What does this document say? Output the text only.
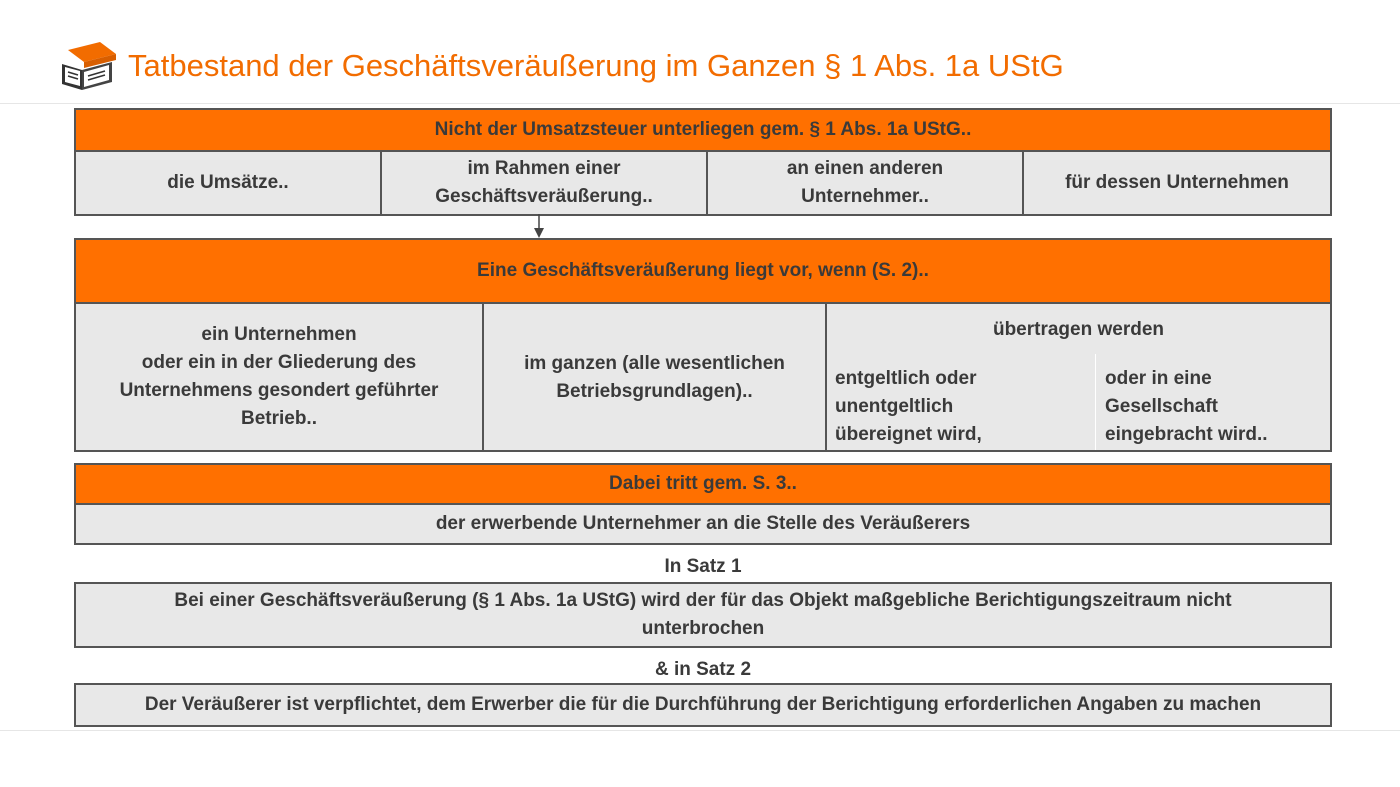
Tatbestand der Geschäftsveräußerung im Ganzen § 1 Abs. 1a UStG
Nicht der Umsatzsteuer unterliegen gem. § 1 Abs. 1a UStG..
die Umsätze..
im Rahmen einer
Geschäftsveräußerung..
an einen anderen
Unternehmer..
für dessen Unternehmen
Eine Geschäftsveräußerung liegt vor, wenn (S. 2)..
ein Unternehmen
oder ein in der Gliederung des
Unternehmens gesondert geführter
Betrieb..
im ganzen (alle wesentlichen
Betriebsgrundlagen)..
übertragen werden
entgeltlich oder
unentgeltlich
übereignet wird,
oder in eine
Gesellschaft
eingebracht wird..
Dabei tritt gem. S. 3..
der erwerbende Unternehmer an die Stelle des Veräußerers
In Satz 1
Bei einer Geschäftsveräußerung (§ 1 Abs. 1a UStG) wird der für das Objekt maßgebliche Berichtigungszeitraum nicht
unterbrochen
& in Satz 2
Der Veräußerer ist verpflichtet, dem Erwerber die für die Durchführung der Berichtigung erforderlichen Angaben zu machen
